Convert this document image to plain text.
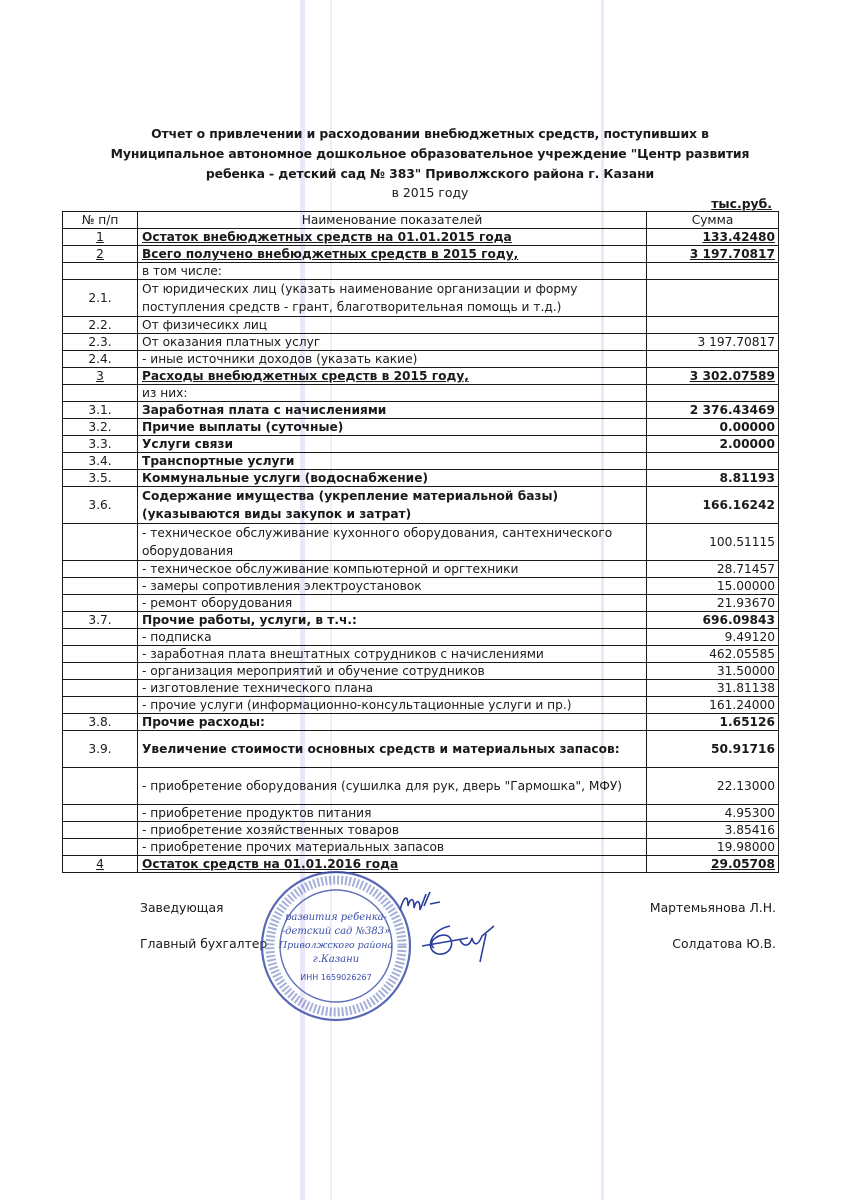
Отчет о привлечении и расходовании внебюджетных средств, поступивших в
Муниципальное автономное дошкольное образовательное учреждение "Центр развития
ребенка - детский сад № 383" Приволжского района г. Казани
в 2015 году
тыс.руб.
№ п/п	Наименование показателей	Сумма
1	Остаток внебюджетных средств на 01.01.2015 года	133.42480
2	Всего получено внебюджетных средств в 2015 году,	3 197.70817
	в том числе:	
2.1.	От юридических лиц (указать наименование организации и форму поступления средств - грант, благотворительная помощь и т.д.)	
2.2.	От физичесикх лиц	
2.3.	От оказания платных услуг	3 197.70817
2.4.	- иные источники доходов (указать какие)	
3	Расходы внебюджетных средств в 2015 году,	3 302.07589
	из них:	
3.1.	Заработная плата с начислениями	2 376.43469
3.2.	Причие выплаты (суточные)	0.00000
3.3.	Услуги связи	2.00000
3.4.	Транспортные услуги	
3.5.	Коммунальные услуги (водоснабжение)	8.81193
3.6.	Содержание имущества (укрепление материальной базы) (указываются виды закупок и затрат)	166.16242
	- техническое обслуживание кухонного оборудования, сантехнического оборудования	100.51115
	- техническое обслуживание компьютерной и оргтехники	28.71457
	- замеры сопротивления электроустановок	15.00000
	- ремонт оборудования	21.93670
3.7.	Прочие работы, услуги, в т.ч.:	696.09843
	- подписка	9.49120
	- заработная плата внештатных сотрудников с начислениями	462.05585
	- организация мероприятий и обучение сотрудников	31.50000
	- изготовление технического плана	31.81138
	- прочие услуги (информационно-консультационные услуги и пр.)	161.24000
3.8.	Прочие расходы:	1.65126
3.9.	Увеличение стоимости основных средств и материальных запасов:	50.91716
	- приобретение оборудования (сушилка для рук, дверь "Гармошка", МФУ)	22.13000
	- приобретение продуктов питания	4.95300
	- приобретение хозяйственных товаров	3.85416
	- приобретение прочих материальных запасов	19.98000
4	Остаток средств на 01.01.2016 года	29.05708
Заведующая	Мартемьянова Л.Н.
Главный бухгалтер	Солдатова Ю.В.
развития ребенка-
-детский сад №383»
Приволжского района
г.Казани
ИНН 1659026267
